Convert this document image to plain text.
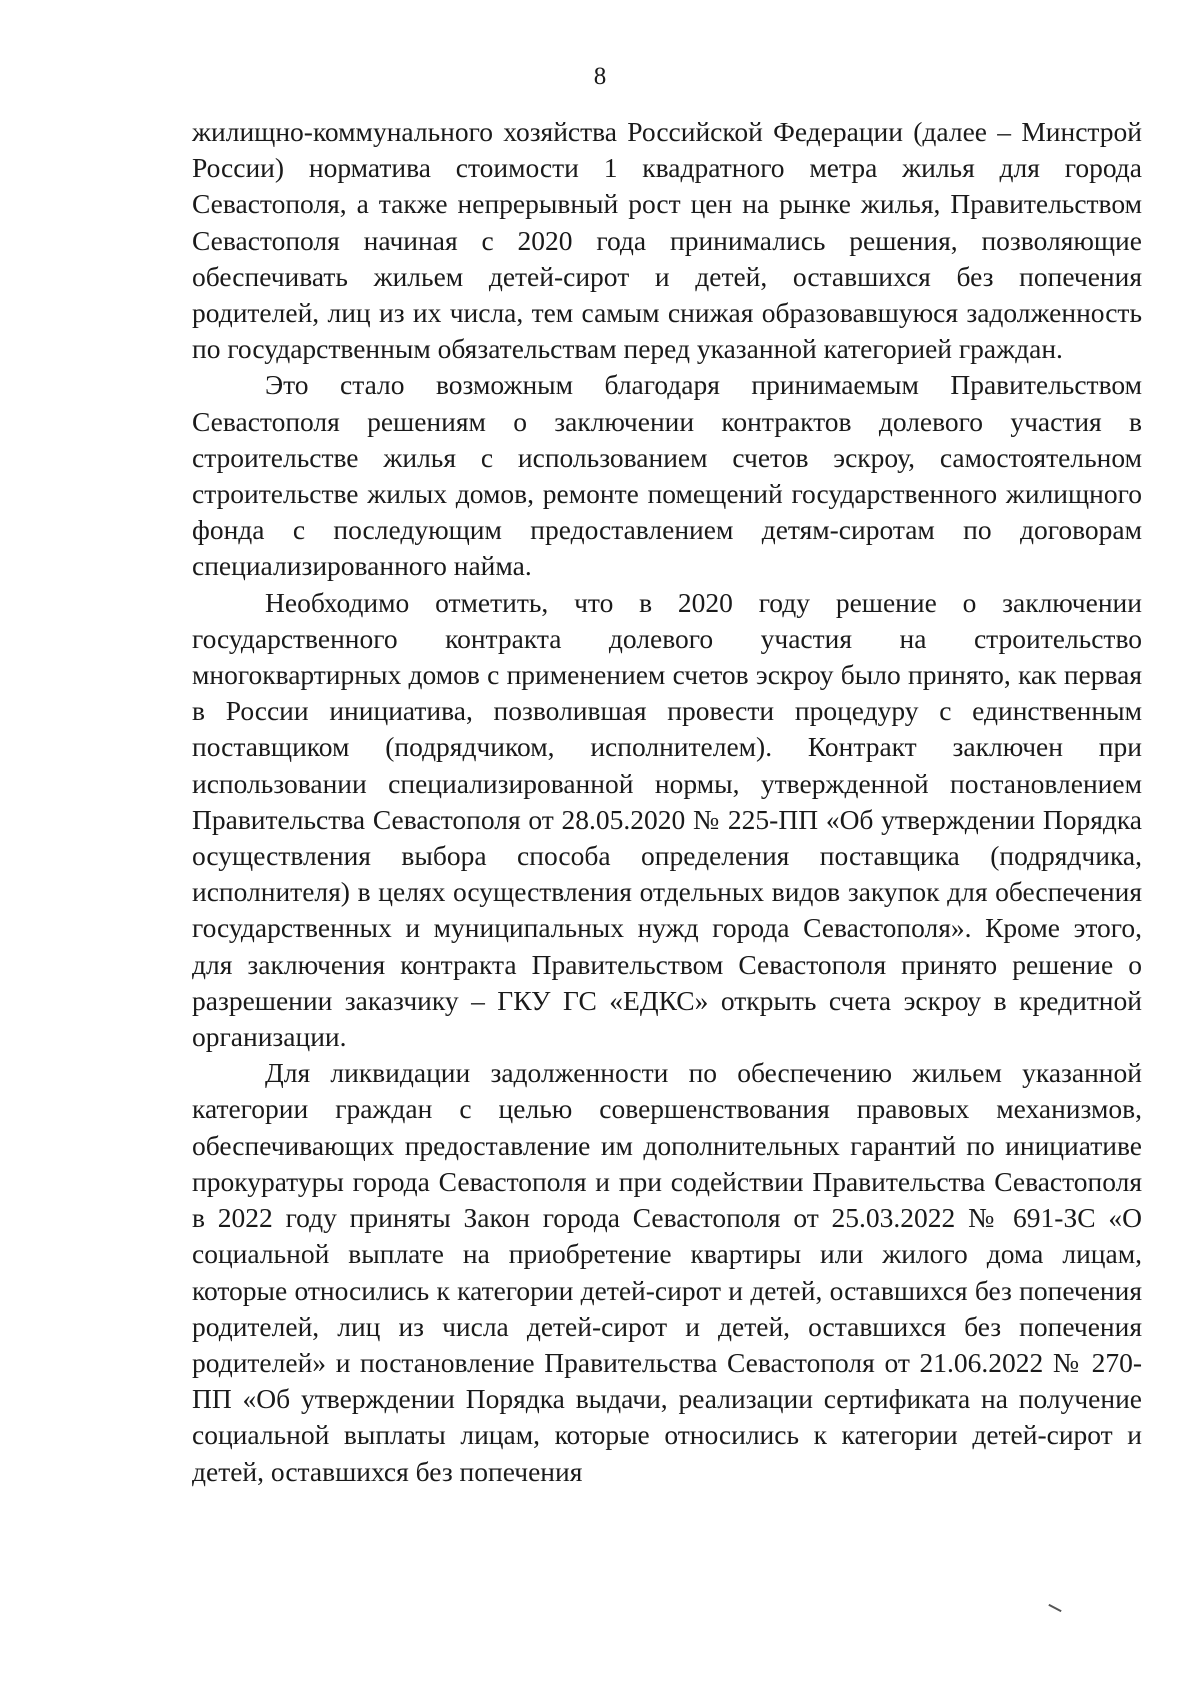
8

жилищно-коммунального хозяйства Российской Федерации (далее – Минстрой России) норматива стоимости 1 квадратного метра жилья для города Севастополя, а также непрерывный рост цен на рынке жилья, Правительством Севастополя начиная с 2020 года принимались решения, позволяющие обеспечивать жильем детей-сирот и детей, оставшихся без попечения родителей, лиц из их числа, тем самым снижая образовавшуюся задолженность по государственным обязательствам перед указанной категорией граждан.

Это стало возможным благодаря принимаемым Правительством Севастополя решениям о заключении контрактов долевого участия в строительстве жилья с использованием счетов эскроу, самостоятельном строительстве жилых домов, ремонте помещений государственного жилищного фонда с последующим предоставлением детям-сиротам по договорам специализированного найма.

Необходимо отметить, что в 2020 году решение о заключении государственного контракта долевого участия на строительство многоквартирных домов с применением счетов эскроу было принято, как первая в России инициатива, позволившая провести процедуру с единственным поставщиком (подрядчиком, исполнителем). Контракт заключен при использовании специализированной нормы, утвержденной постановлением Правительства Севастополя от 28.05.2020 № 225-ПП «Об утверждении Порядка осуществления выбора способа определения поставщика (подрядчика, исполнителя) в целях осуществления отдельных видов закупок для обеспечения государственных и муниципальных нужд города Севастополя». Кроме этого, для заключения контракта Правительством Севастополя принято решение о разрешении заказчику – ГКУ ГС «ЕДКС» открыть счета эскроу в кредитной организации.

Для ликвидации задолженности по обеспечению жильем указанной категории граждан с целью совершенствования правовых механизмов, обеспечивающих предоставление им дополнительных гарантий по инициативе прокуратуры города Севастополя и при содействии Правительства Севастополя в 2022 году приняты Закон города Севастополя от 25.03.2022 № 691-ЗС «О социальной выплате на приобретение квартиры или жилого дома лицам, которые относились к категории детей-сирот и детей, оставшихся без попечения родителей, лиц из числа детей-сирот и детей, оставшихся без попечения родителей» и постановление Правительства Севастополя от 21.06.2022 № 270-ПП «Об утверждении Порядка выдачи, реализации сертификата на получение социальной выплаты лицам, которые относились к категории детей-сирот и детей, оставшихся без попечения
